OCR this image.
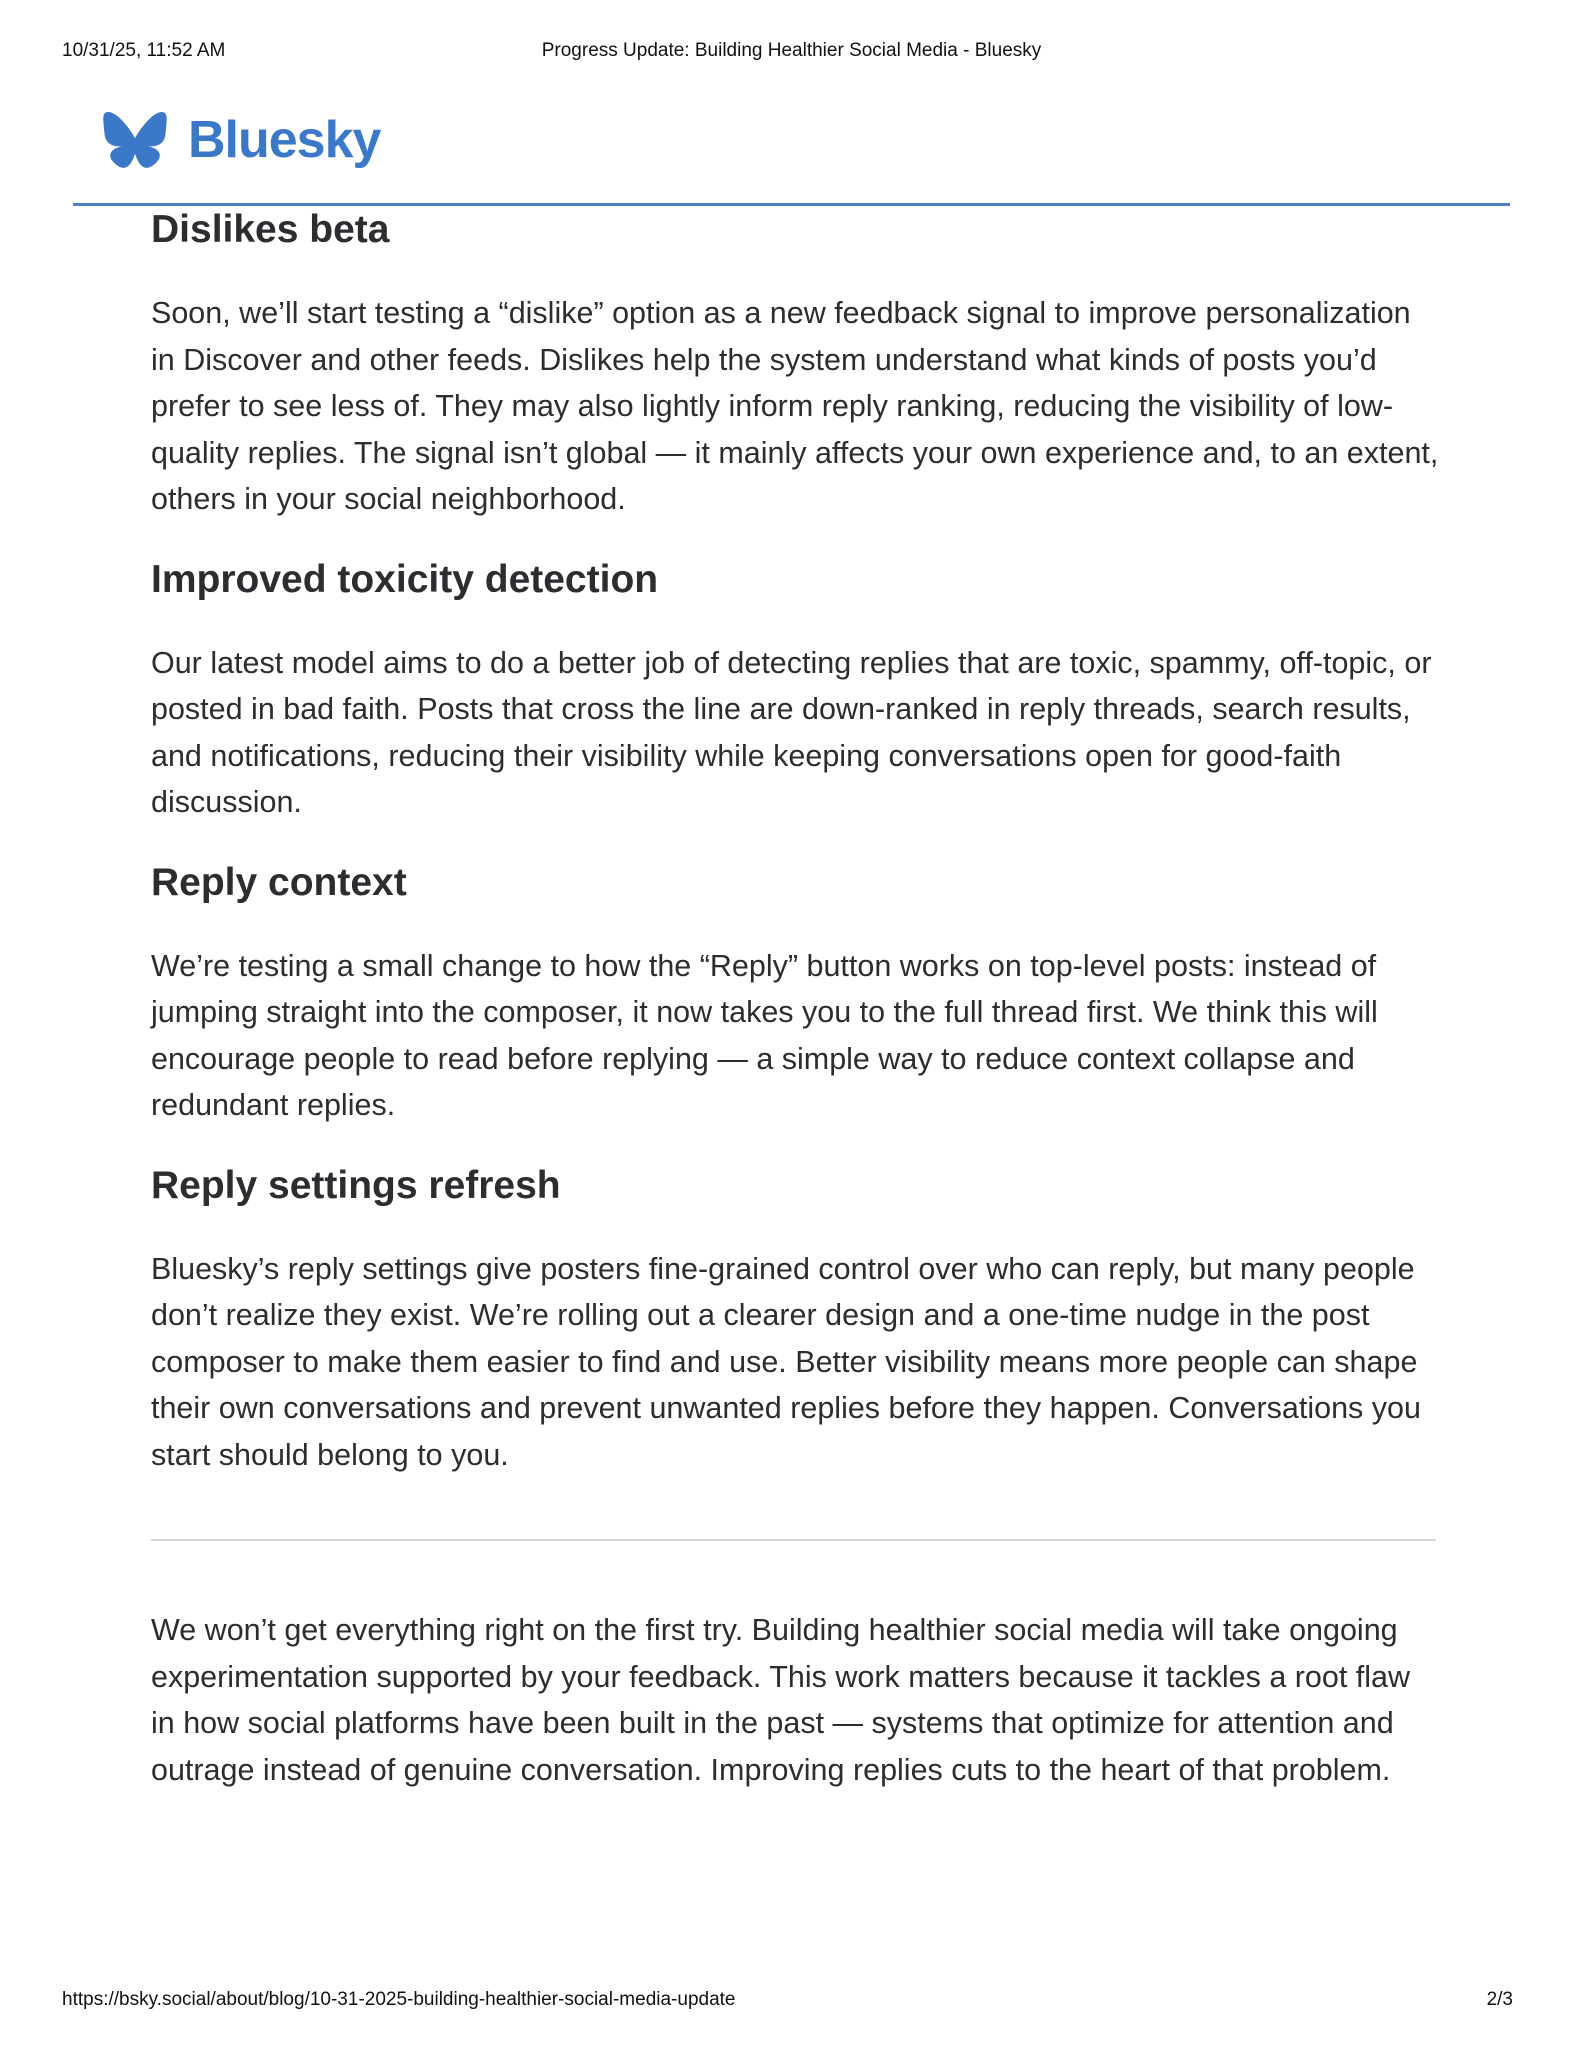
10/31/25, 11:52 AM	Progress Update: Building Healthier Social Media - Bluesky
Bluesky
Dislikes beta

Soon, we’ll start testing a “dislike” option as a new feedback signal to improve personalization in Discover and other feeds. Dislikes help the system understand what kinds of posts you’d prefer to see less of. They may also lightly inform reply ranking, reducing the visibility of low-quality replies. The signal isn’t global — it mainly affects your own experience and, to an extent, others in your social neighborhood.

Improved toxicity detection

Our latest model aims to do a better job of detecting replies that are toxic, spammy, off-topic, or posted in bad faith. Posts that cross the line are down-ranked in reply threads, search results, and notifications, reducing their visibility while keeping conversations open for good-faith discussion.

Reply context

We’re testing a small change to how the “Reply” button works on top-level posts: instead of jumping straight into the composer, it now takes you to the full thread first. We think this will encourage people to read before replying — a simple way to reduce context collapse and redundant replies.

Reply settings refresh

Bluesky’s reply settings give posters fine-grained control over who can reply, but many people don’t realize they exist. We’re rolling out a clearer design and a one-time nudge in the post composer to make them easier to find and use. Better visibility means more people can shape their own conversations and prevent unwanted replies before they happen. Conversations you start should belong to you.

We won’t get everything right on the first try. Building healthier social media will take ongoing experimentation supported by your feedback. This work matters because it tackles a root flaw in how social platforms have been built in the past — systems that optimize for attention and outrage instead of genuine conversation. Improving replies cuts to the heart of that problem.

https://bsky.social/about/blog/10-31-2025-building-healthier-social-media-update	2/3
